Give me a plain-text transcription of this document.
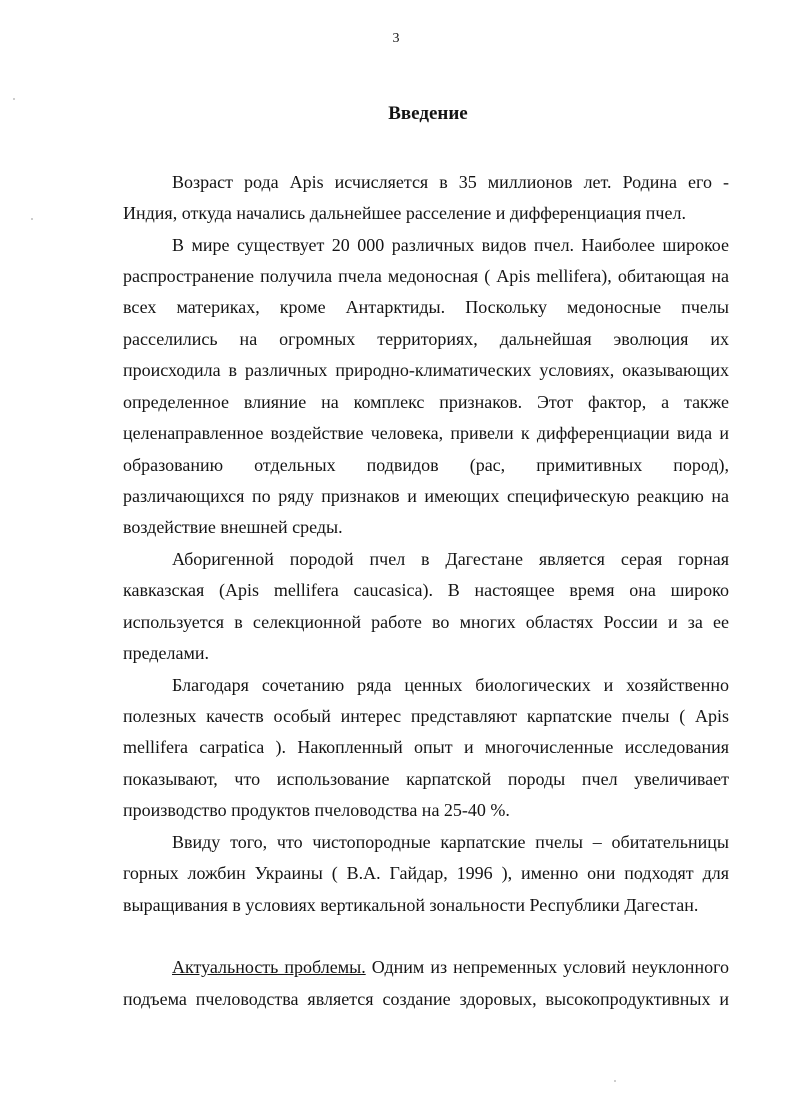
3
Введение
Возраст рода Apis исчисляется в 35 миллионов лет. Родина его -
Индия, откуда начались дальнейшее расселение и дифференциация пчел.
В мире существует 20 000 различных видов пчел. Наиболее широкое
распространение получила пчела медоносная ( Apis mellifera), обитающая на
всех материках, кроме Антарктиды. Поскольку медоносные пчелы
расселились на огромных территориях, дальнейшая эволюция их
происходила в различных природно-климатических условиях, оказывающих
определенное влияние на комплекс признаков. Этот фактор, а также
целенаправленное воздействие человека, привели к дифференциации вида и
образованию отдельных подвидов (рас, примитивных пород),
различающихся по ряду признаков и имеющих специфическую реакцию на
воздействие внешней среды.
Аборигенной породой пчел в Дагестане является серая горная
кавказская (Apis mellifera caucasica). В настоящее время она широко
используется в селекционной работе во многих областях России и за ее
пределами.
Благодаря сочетанию ряда ценных биологических и хозяйственно
полезных качеств особый интерес представляют карпатские пчелы ( Apis
mellifera carpatica ). Накопленный опыт и многочисленные исследования
показывают, что использование карпатской породы пчел увеличивает
производство продуктов пчеловодства на 25-40 %.
Ввиду того, что чистопородные карпатские пчелы – обитательницы
горных ложбин Украины ( В.А. Гайдар, 1996 ), именно они подходят для
выращивания в условиях вертикальной зональности Республики Дагестан.
Актуальность проблемы. Одним из непременных условий неуклонного
подъема пчеловодства является создание здоровых, высокопродуктивных и
